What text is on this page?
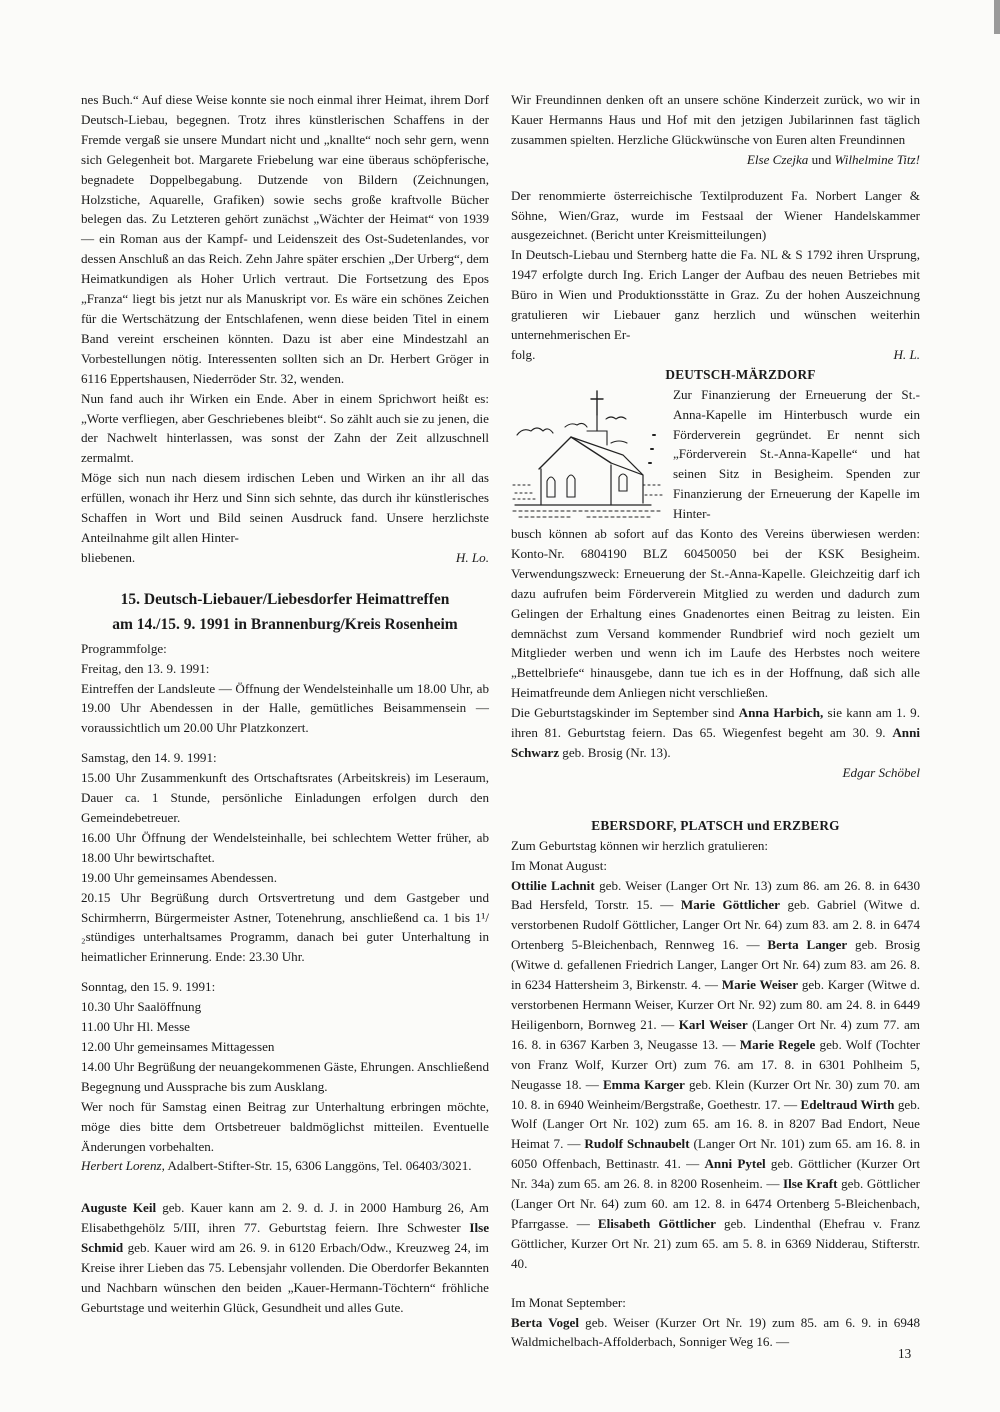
nes Buch.“ Auf diese Weise konnte sie noch einmal ihrer Heimat, ihrem Dorf Deutsch-Liebau, begegnen. Trotz ihres künstlerischen Schaffens in der Fremde vergaß sie unsere Mundart nicht und „knallte“ noch sehr gern, wenn sich Gelegenheit bot. Margarete Friebelung war eine überaus schöpferische, begnadete Doppelbegabung. Dutzende von Bildern (Zeichnungen, Holzstiche, Aquarelle, Grafiken) sowie sechs große kraftvolle Bücher belegen das. Zu Letzteren gehört zunächst „Wächter der Heimat“ von 1939 — ein Roman aus der Kampf- und Leidenszeit des Ost-Sudetenlandes, vor dessen Anschluß an das Reich. Zehn Jahre später erschien „Der Urberg“, dem Heimatkundigen als Hoher Urlich vertraut. Die Fortsetzung des Epos „Franza“ liegt bis jetzt nur als Manuskript vor. Es wäre ein schönes Zeichen für die Wertschätzung der Entschlafenen, wenn diese beiden Titel in einem Band vereint erscheinen könnten. Dazu ist aber eine Mindestzahl an Vorbestellungen nötig. Interessenten sollten sich an Dr. Herbert Gröger in 6116 Eppertshausen, Niederröder Str. 32, wenden.

Nun fand auch ihr Wirken ein Ende. Aber in einem Sprichwort heißt es: „Worte verfliegen, aber Geschriebenes bleibt“. So zählt auch sie zu jenen, die der Nachwelt hinterlassen, was sonst der Zahn der Zeit allzuschnell zermalmt.

Möge sich nun nach diesem irdischen Leben und Wirken an ihr all das erfüllen, wonach ihr Herz und Sinn sich sehnte, das durch ihr künstlerisches Schaffen in Wort und Bild seinen Ausdruck fand. Unsere herzlichste Anteilnahme gilt allen Hinter-

bliebenen.	H. Lo.

15. Deutsch-Liebauer/Liebesdorfer Heimattreffen

am 14./15. 9. 1991 in Brannenburg/Kreis Rosenheim

Programmfolge:

Freitag, den 13. 9. 1991:

Eintreffen der Landsleute — Öffnung der Wendelsteinhalle um 18.00 Uhr, ab 19.00 Uhr Abendessen in der Halle, gemütliches Beisammensein — voraussichtlich um 20.00 Uhr Platzkonzert.

Samstag, den 14. 9. 1991:

15.00 Uhr Zusammenkunft des Ortschaftsrates (Arbeitskreis) im Leseraum, Dauer ca. 1 Stunde, persönliche Einladungen erfolgen durch den Gemeindebetreuer.

16.00 Uhr Öffnung der Wendelsteinhalle, bei schlechtem Wetter früher, ab 18.00 Uhr bewirtschaftet.

19.00 Uhr gemeinsames Abendessen.

20.15 Uhr Begrüßung durch Ortsvertretung und dem Gastgeber und Schirmherrn, Bürgermeister Astner, Totenehrung, anschließend ca. 1 bis 1¹/₂stündiges unterhaltsames Programm, danach bei guter Unterhaltung in heimatlicher Erinnerung. Ende: 23.30 Uhr.

Sonntag, den 15. 9. 1991:

10.30 Uhr Saalöffnung

11.00 Uhr Hl. Messe

12.00 Uhr gemeinsames Mittagessen

14.00 Uhr Begrüßung der neuangekommenen Gäste, Ehrungen. Anschließend Begegnung und Aussprache bis zum Ausklang.

Wer noch für Samstag einen Beitrag zur Unterhaltung erbringen möchte, möge dies bitte dem Ortsbetreuer baldmöglichst mitteilen. Eventuelle Änderungen vorbehalten.

Herbert Lorenz, Adalbert-Stifter-Str. 15, 6306 Langgöns, Tel. 06403/3021.

Auguste Keil geb. Kauer kann am 2. 9. d. J. in 2000 Hamburg 26, Am Elisabethgehölz 5/III, ihren 77. Geburtstag feiern. Ihre Schwester Ilse Schmid geb. Kauer wird am 26. 9. in 6120 Erbach/Odw., Kreuzweg 24, im Kreise ihrer Lieben das 75. Lebensjahr vollenden. Die Oberdorfer Bekannten und Nachbarn wünschen den beiden „Kauer-Hermann-Töchtern“ fröhliche Geburtstage und weiterhin Glück, Gesundheit und alles Gute.

Wir Freundinnen denken oft an unsere schöne Kinderzeit zurück, wo wir in Kauer Hermanns Haus und Hof mit den jetzigen Jubilarinnen fast täglich zusammen spielten. Herzliche Glückwünsche von Euren alten Freundinnen

Else Czejka und Wilhelmine Titz!

Der renommierte österreichische Textilproduzent Fa. Norbert Langer & Söhne, Wien/Graz, wurde im Festsaal der Wiener Handelskammer ausgezeichnet. (Bericht unter Kreismitteilungen)

In Deutsch-Liebau und Sternberg hatte die Fa. NL & S 1792 ihren Ursprung, 1947 erfolgte durch Ing. Erich Langer der Aufbau des neuen Betriebes mit Büro in Wien und Produktionsstätte in Graz. Zu der hohen Auszeichnung gratulieren wir Liebauer ganz herzlich und wünschen weiterhin unternehmerischen Er-

folg.	H. L.
DEUTSCH-MÄRZDORF

Zur Finanzierung der Erneuerung der St.-Anna-Kapelle im Hinterbusch wurde ein Förderverein gegründet. Er nennt sich „Förderverein St.-Anna-Kapelle“ und hat seinen Sitz in Besigheim. Spenden zur Finanzierung der Erneuerung der Kapelle im Hinter-

busch können ab sofort auf das Konto des Vereins überwiesen werden: Konto-Nr. 6804190 BLZ 60450050 bei der KSK Besigheim. Verwendungszweck: Erneuerung der St.-Anna-Kapelle. Gleichzeitig darf ich dazu aufrufen beim Förderverein Mitglied zu werden und dadurch zum Gelingen der Erhaltung eines Gnadenortes einen Beitrag zu leisten. Ein demnächst zum Versand kommender Rundbrief wird noch gezielt um Mitglieder werben und wenn ich im Laufe des Herbstes noch weitere „Bettelbriefe“ hinausgebe, dann tue ich es in der Hoffnung, daß sich alle Heimatfreunde dem Anliegen nicht verschließen.

Die Geburtstagskinder im September sind Anna Harbich, sie kann am 1. 9. ihren 81. Geburtstag feiern. Das 65. Wiegenfest begeht am 30. 9. Anni Schwarz geb. Brosig (Nr. 13).

Edgar Schöbel

EBERSDORF, PLATSCH und ERZBERG

Zum Geburtstag können wir herzlich gratulieren:

Im Monat August:

Ottilie Lachnit geb. Weiser (Langer Ort Nr. 13) zum 86. am 26. 8. in 6430 Bad Hersfeld, Torstr. 15. — Marie Göttlicher geb. Gabriel (Witwe d. verstorbenen Rudolf Göttlicher, Langer Ort Nr. 64) zum 83. am 2. 8. in 6474 Ortenberg 5-Bleichenbach, Rennweg 16. — Berta Langer geb. Brosig (Witwe d. gefallenen Friedrich Langer, Langer Ort Nr. 64) zum 83. am 26. 8. in 6234 Hattersheim 3, Birkenstr. 4. — Marie Weiser geb. Karger (Witwe d. verstorbenen Hermann Weiser, Kurzer Ort Nr. 92) zum 80. am 24. 8. in 6449 Heiligenborn, Bornweg 21. — Karl Weiser (Langer Ort Nr. 4) zum 77. am 16. 8. in 6367 Karben 3, Neugasse 13. — Marie Regele geb. Wolf (Tochter von Franz Wolf, Kurzer Ort) zum 76. am 17. 8. in 6301 Pohlheim 5, Neugasse 18. — Emma Karger geb. Klein (Kurzer Ort Nr. 30) zum 70. am 10. 8. in 6940 Weinheim/Bergstraße, Goethestr. 17. — Edeltraud Wirth geb. Wolf (Langer Ort Nr. 102) zum 65. am 16. 8. in 8207 Bad Endort, Neue Heimat 7. — Rudolf Schnaubelt (Langer Ort Nr. 101) zum 65. am 16. 8. in 6050 Offenbach, Bettinastr. 41. — Anni Pytel geb. Göttlicher (Kurzer Ort Nr. 34a) zum 65. am 26. 8. in 8200 Rosenheim. — Ilse Kraft geb. Göttlicher (Langer Ort Nr. 64) zum 60. am 12. 8. in 6474 Ortenberg 5-Bleichenbach, Pfarrgasse. — Elisabeth Göttlicher geb. Lindenthal (Ehefrau v. Franz Göttlicher, Kurzer Ort Nr. 21) zum 65. am 5. 8. in 6369 Nidderau, Stifterstr. 40.

Im Monat September:

Berta Vogel geb. Weiser (Kurzer Ort Nr. 19) zum 85. am 6. 9. in 6948 Waldmichelbach-Affolderbach, Sonniger Weg 16. —

13
